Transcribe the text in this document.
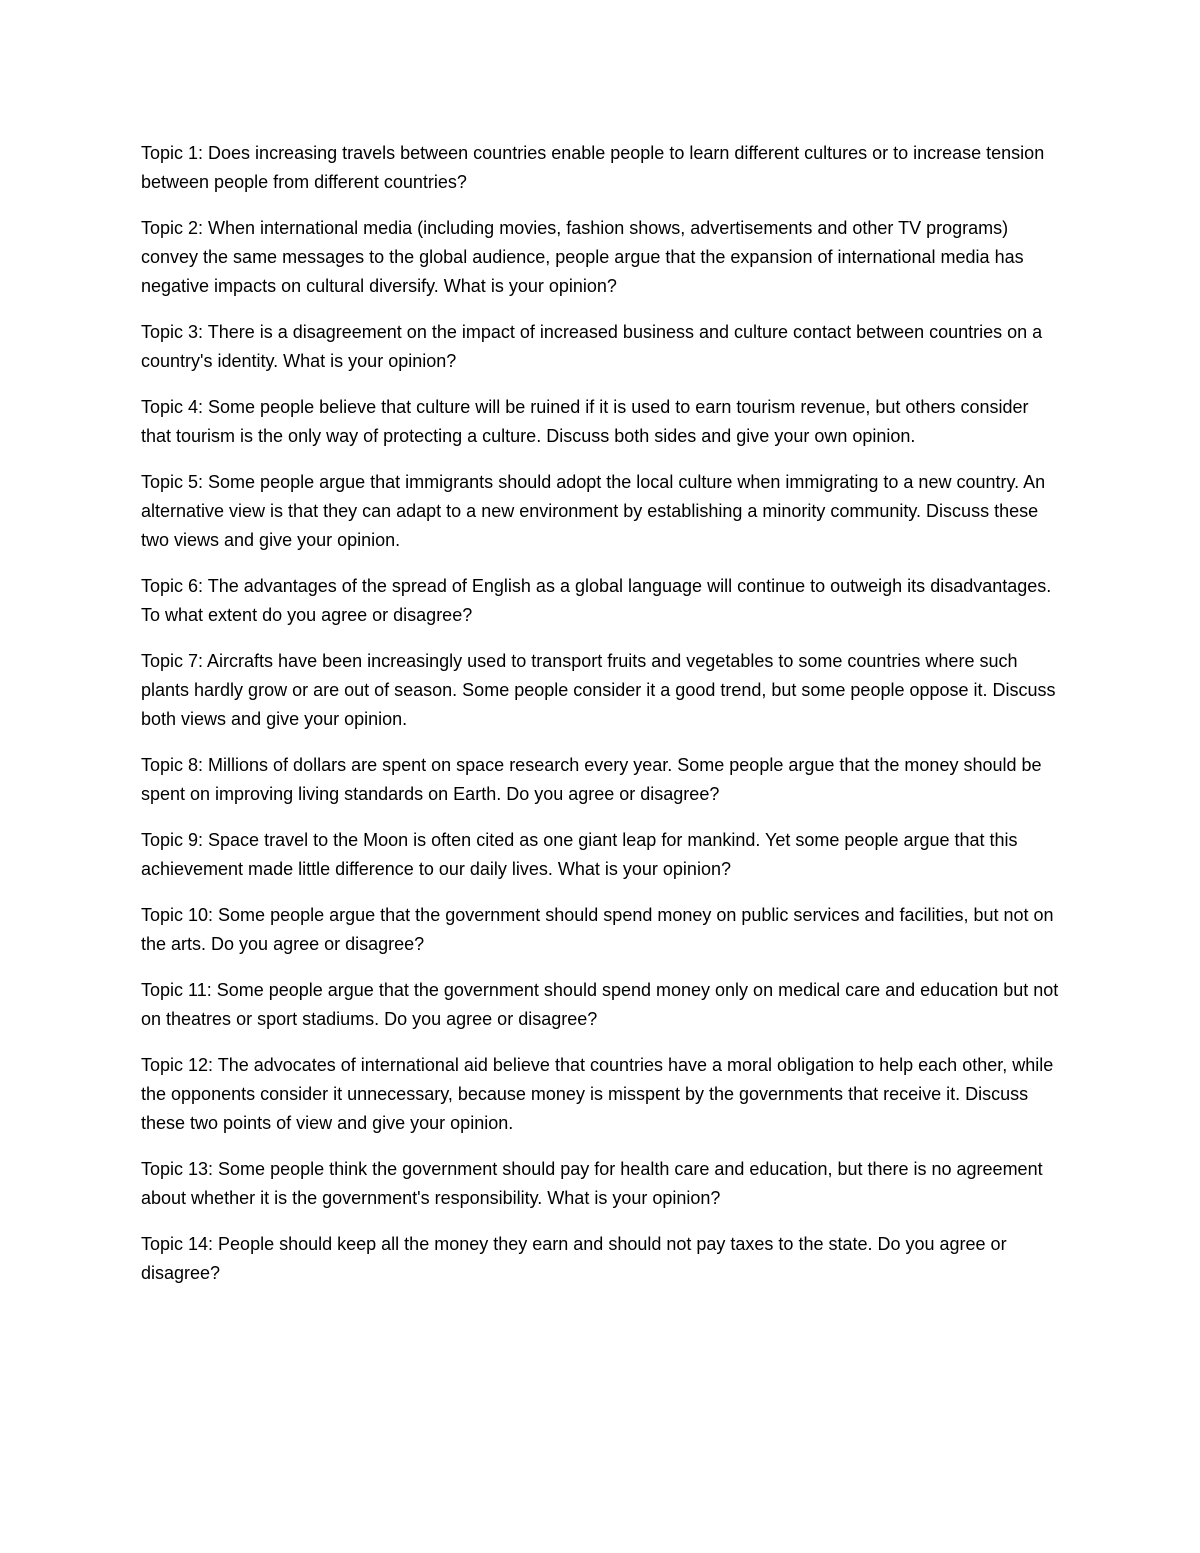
Topic 1: Does increasing travels between countries enable people to learn different cultures or to increase tension between people from different countries?

Topic 2: When international media (including movies, fashion shows, advertisements and other TV programs) convey the same messages to the global audience, people argue that the expansion of international media has negative impacts on cultural diversify. What is your opinion?

Topic 3: There is a disagreement on the impact of increased business and culture contact between countries on a country's identity. What is your opinion?

Topic 4: Some people believe that culture will be ruined if it is used to earn tourism revenue, but others consider that tourism is the only way of protecting a culture. Discuss both sides and give your own opinion.

Topic 5: Some people argue that immigrants should adopt the local culture when immigrating to a new country. An alternative view is that they can adapt to a new environment by establishing a minority community. Discuss these two views and give your opinion.

Topic 6: The advantages of the spread of English as a global language will continue to outweigh its disadvantages. To what extent do you agree or disagree?

Topic 7: Aircrafts have been increasingly used to transport fruits and vegetables to some countries where such plants hardly grow or are out of season. Some people consider it a good trend, but some people oppose it. Discuss both views and give your opinion.

Topic 8: Millions of dollars are spent on space research every year. Some people argue that the money should be spent on improving living standards on Earth. Do you agree or disagree?

Topic 9: Space travel to the Moon is often cited as one giant leap for mankind. Yet some people argue that this achievement made little difference to our daily lives. What is your opinion?

Topic 10: Some people argue that the government should spend money on public services and facilities, but not on the arts. Do you agree or disagree?

Topic 11: Some people argue that the government should spend money only on medical care and education but not on theatres or sport stadiums. Do you agree or disagree?

Topic 12: The advocates of international aid believe that countries have a moral obligation to help each other, while the opponents consider it unnecessary, because money is misspent by the governments that receive it. Discuss these two points of view and give your opinion.

Topic 13: Some people think the government should pay for health care and education, but there is no agreement about whether it is the government's responsibility. What is your opinion?

Topic 14: People should keep all the money they earn and should not pay taxes to the state. Do you agree or disagree?
